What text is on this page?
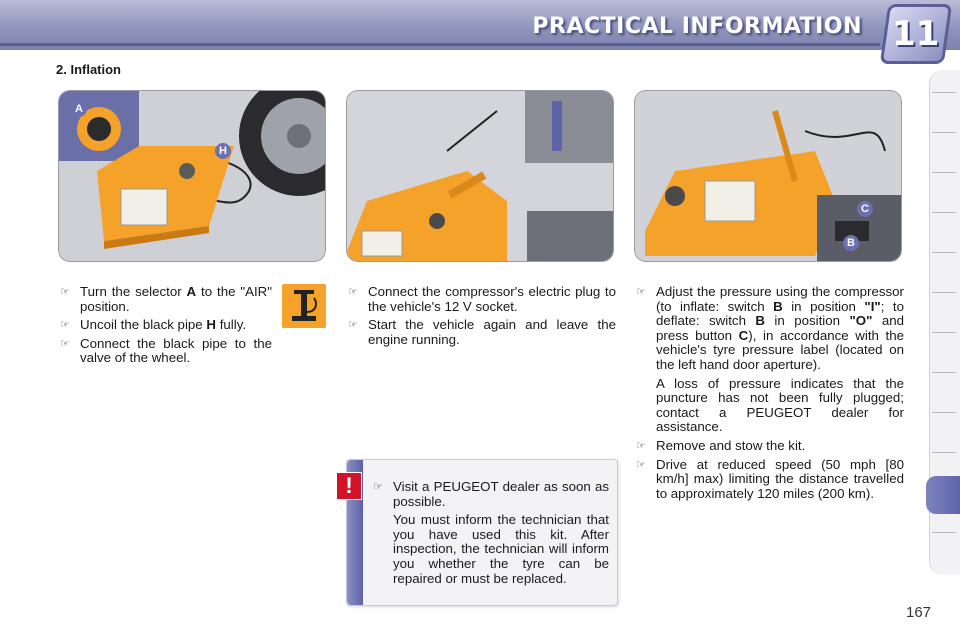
PRACTICAL INFORMATION 11
2. Inflation
A
H
C
B
☞ Turn the selector A to the "AIR" position.
☞ Uncoil the black pipe H fully.
☞ Connect the black pipe to the valve of the wheel.
☞ Connect the compressor's electric plug to the vehicle's 12 V socket.
☞ Start the vehicle again and leave the engine running.
☞ Adjust the pressure using the compressor (to inflate: switch B in position "I"; to deflate: switch B in position "O" and press button C), in accordance with the vehicle's tyre pressure label (located on the left hand door aperture).
A loss of pressure indicates that the puncture has not been fully plugged; contact a PEUGEOT dealer for assistance.
☞ Remove and stow the kit.
☞ Drive at reduced speed (50 mph [80 km/h] max) limiting the distance travelled to approximately 120 miles (200 km).
☞ Visit a PEUGEOT dealer as soon as possible.
You must inform the technician that you have used this kit. After inspection, the technician will inform you whether the tyre can be repaired or must be replaced.
!
167
